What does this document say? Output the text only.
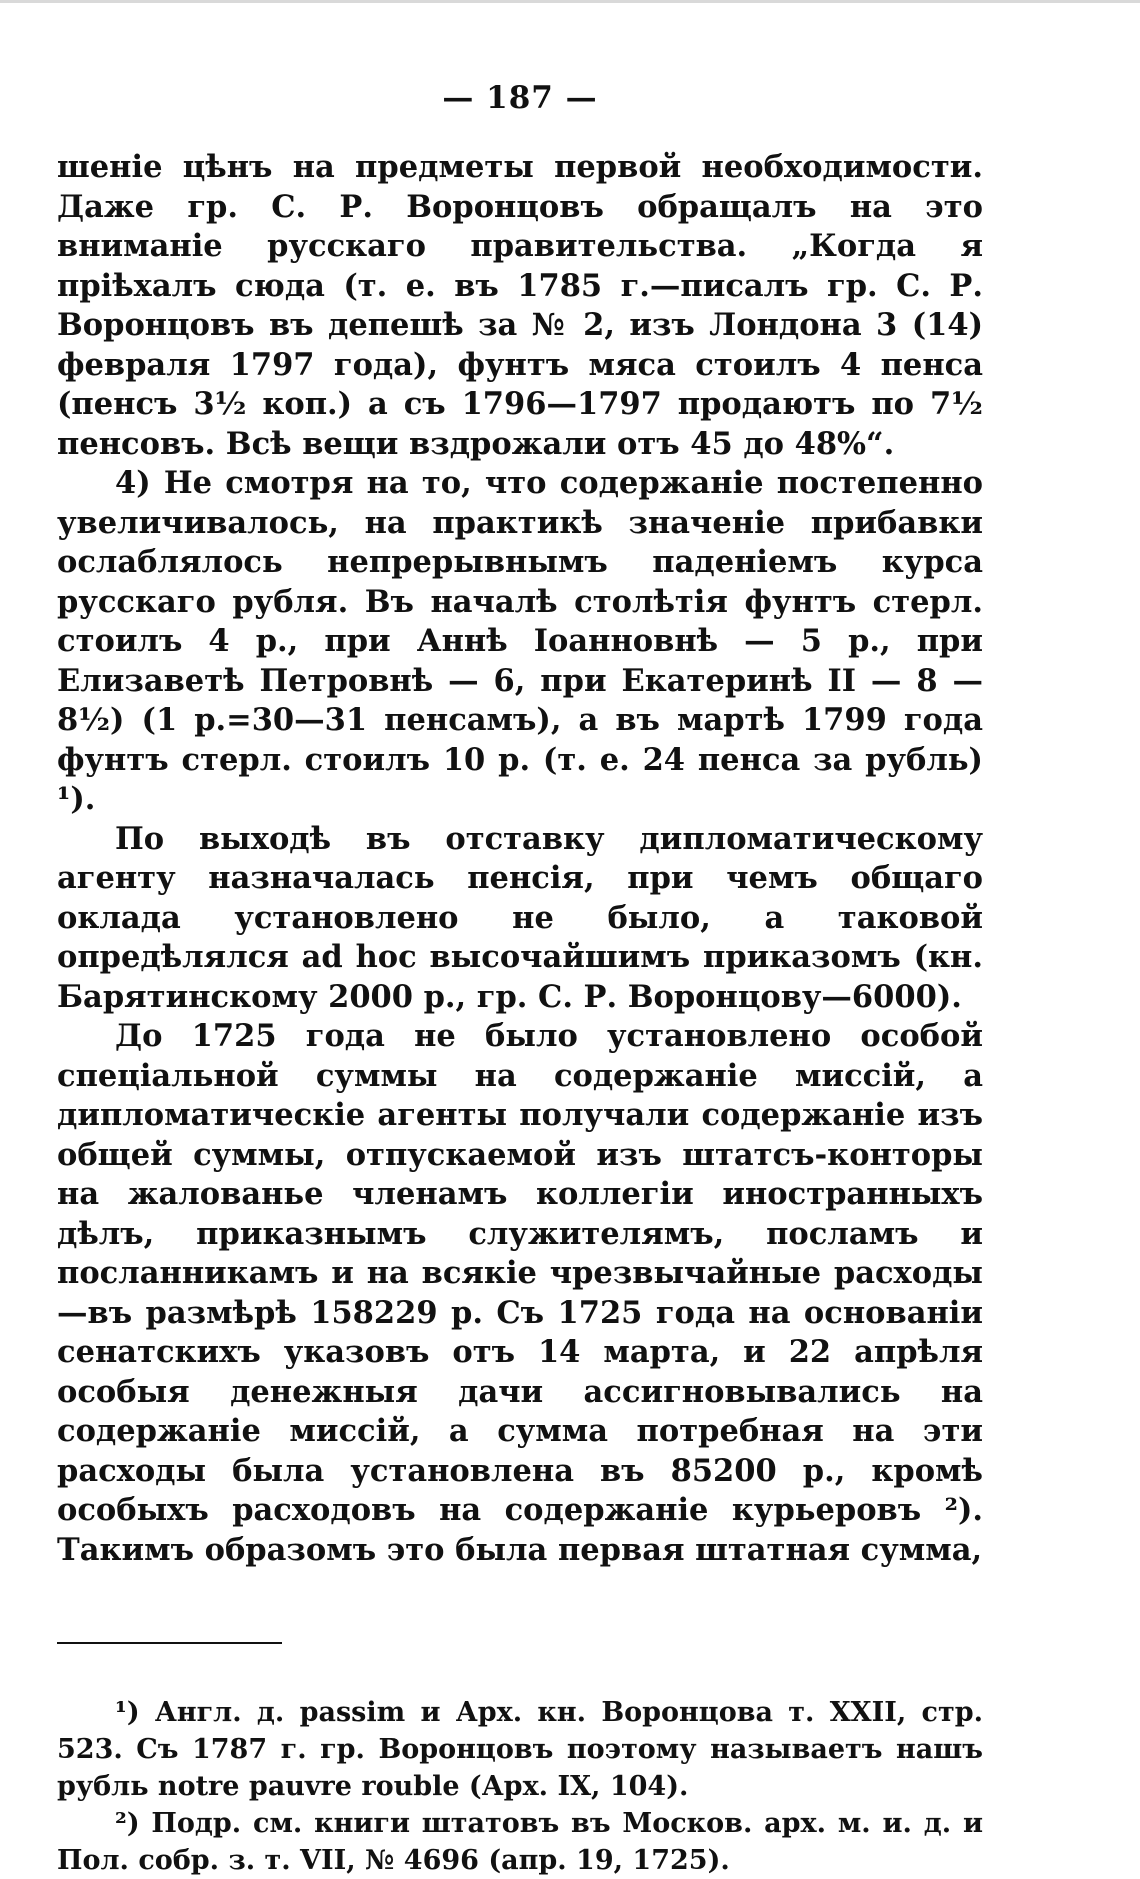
— 187 —

шеніе цѣнъ на предметы первой необходимости. Даже гр. С. Р. Воронцовъ обращалъ на это вниманіе русскаго правительства. „Когда я пріѣхалъ сюда (т. е. въ 1785 г.—писалъ гр. С. Р. Воронцовъ въ депешѣ за № 2, изъ Лондона 3 (14) февраля 1797 года), фунтъ мяса стоилъ 4 пенса (пенсъ 3½ коп.) а съ 1796—1797 продаютъ по 7½ пенсовъ. Всѣ вещи вздрожали отъ 45 до 48%“.

4) Не смотря на то, что содержаніе постепенно увеличивалось, на практикѣ значеніе прибавки ослаблялось непрерывнымъ паденіемъ курса русскаго рубля. Въ началѣ столѣтія фунтъ стерл. стоилъ 4 р., при Аннѣ Іоанновнѣ — 5 р., при Елизаветѣ Петровнѣ — 6, при Екатеринѣ II — 8 — 8½) (1 р.=30—31 пенсамъ), а въ мартѣ 1799 года фунтъ стерл. стоилъ 10 р. (т. е. 24 пенса за рубль) ¹).

По выходѣ въ отставку дипломатическому агенту назначалась пенсія, при чемъ общаго оклада установлено не было, а таковой опредѣлялся ad hoc высочайшимъ приказомъ (кн. Барятинскому 2000 р., гр. С. Р. Воронцову—6000).

До 1725 года не было установлено особой спеціальной суммы на содержаніе миссій, а дипломатическіе агенты получали содержаніе изъ общей суммы, отпускаемой изъ штатсъ-конторы на жалованье членамъ коллегіи иностранныхъ дѣлъ, приказнымъ служителямъ, посламъ и посланникамъ и на всякіе чрезвычайные расходы—въ размѣрѣ 158229 р. Съ 1725 года на основаніи сенатскихъ указовъ отъ 14 марта, и 22 апрѣля особыя денежныя дачи ассигновывались на содержаніе миссій, а сумма потребная на эти расходы была установлена въ 85200 р., кромѣ особыхъ расходовъ на содержаніе курьеровъ ²). Такимъ образомъ это была первая штатная сумма,

¹) Англ. д. passim и Арх. кн. Воронцова т. XXII, стр. 523. Съ 1787 г. гр. Воронцовъ поэтому называетъ нашъ рубль notre pauvre rouble (Арх. IX, 104).

²) Подр. см. книги штатовъ въ Москов. арх. м. и. д. и Пол. собр. з. т. VII, № 4696 (апр. 19, 1725).
